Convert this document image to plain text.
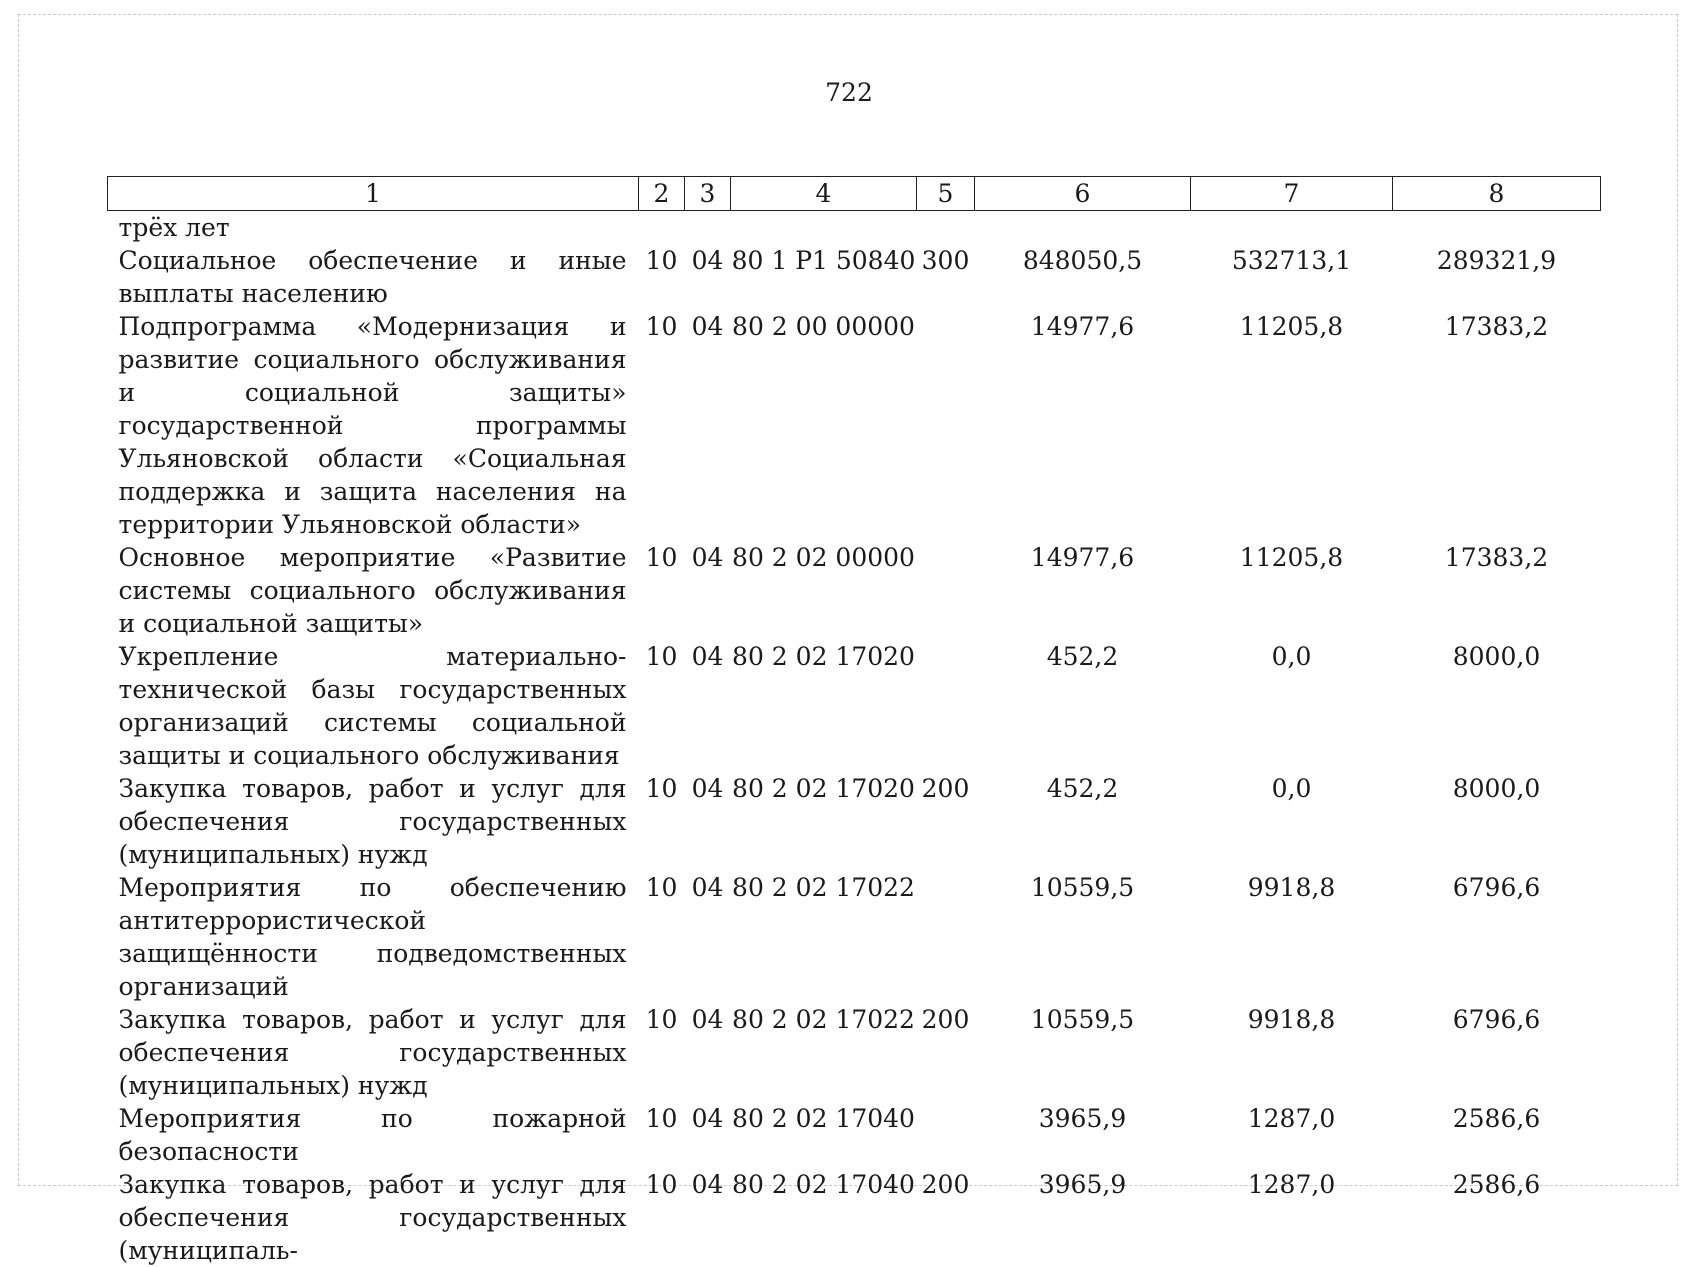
722
1	2	3	4	5	6	7	8
трёх лет							
Социальное обеспечение и иные выплаты населению	10	04	80 1 Р1 50840	300	848050,5	532713,1	289321,9
Подпрограмма «Модернизация и развитие социального обслуживания и социальной защиты» государственной программы Ульяновской области «Социальная поддержка и защита населения на территории Ульяновской области»	10	04	80 2 00 00000		14977,6	11205,8	17383,2
Основное мероприятие «Развитие системы социального обслуживания и социальной защиты»	10	04	80 2 02 00000		14977,6	11205,8	17383,2
Укрепление материально-технической базы государственных организаций системы социальной защиты и социального обслуживания	10	04	80 2 02 17020		452,2	0,0	8000,0
Закупка товаров, работ и услуг для обеспечения государственных (муниципальных) нужд	10	04	80 2 02 17020	200	452,2	0,0	8000,0
Мероприятия по обеспечению антитеррористической защищённости подведомственных организаций	10	04	80 2 02 17022		10559,5	9918,8	6796,6
Закупка товаров, работ и услуг для обеспечения государственных (муниципальных) нужд	10	04	80 2 02 17022	200	10559,5	9918,8	6796,6
Мероприятия по пожарной безопасности	10	04	80 2 02 17040		3965,9	1287,0	2586,6
Закупка товаров, работ и услуг для обеспечения государственных (муниципаль-	10	04	80 2 02 17040	200	3965,9	1287,0	2586,6
